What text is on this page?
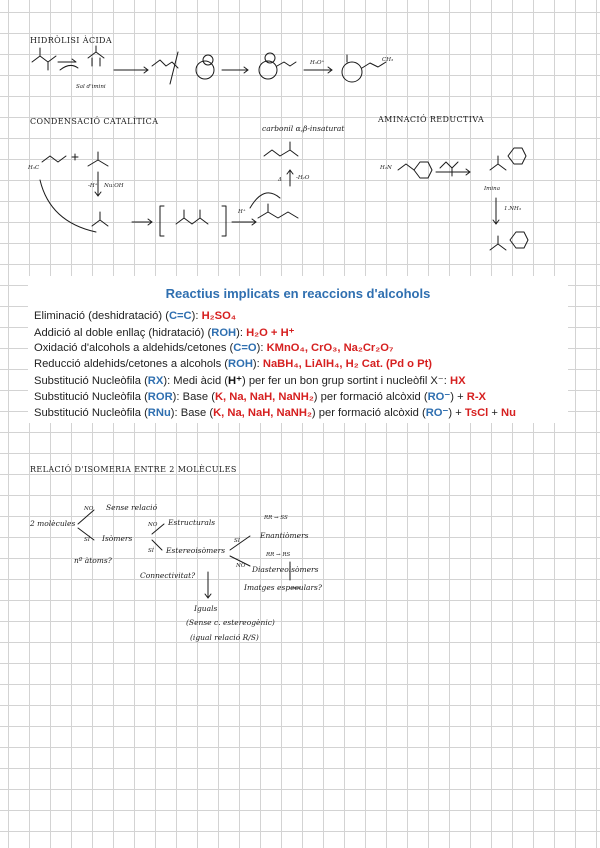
HIDRÒLISI ÀCIDA
Sal d'imini
H₃O⁺	CH₃
CONDENSACIÓ CATALÍTICA
carbonil α,β-insaturat
H₃C
-H⁺ Nu:OH
H⁺
-H₂O
Δ
AMINACIÓ REDUCTIVA
H₂N
Imina
1.NH₃
Reactius implicats en reaccions d'alcohols
Eliminació (deshidratació) (C=C): H₂SO₄
Addició al doble enllaç (hidratació) (ROH): H₂O + H⁺
Oxidació d'alcohols a aldehids/cetones (C=O): KMnO₄, CrO₃, Na₂Cr₂O₇
Reducció aldehids/cetones a alcohols (ROH): NaBH₄, LiAlH₄, H₂ Cat. (Pd o Pt)
Substitució Nucleòfila (RX): Medi àcid (H⁺) per fer un bon grup sortint i nucleòfil X⁻: HX
Substitució Nucleòfila (ROR): Base (K, Na, NaH, NaNH₂) per formació alcòxid (RO⁻) + R-X
Substitució Nucleòfila (RNu): Base (K, Na, NaH, NaNH₂) per formació alcòxid (RO⁻) + TsCl + Nu
RELACIÓ D'ISOMERIA ENTRE 2 MOLÈCULES
2 molècules
NO Sense relació
SÍ Isòmers
nº àtoms?
NO Estructurals
SÍ Estereoisòmers
Connectivitat?
RR → SS
SÍ
Enantiòmers
RR → RS
NO Diastereoisòmers
Imatges especulars?
Iguals
(Sense c. estereogènic)
(igual relació R/S)
